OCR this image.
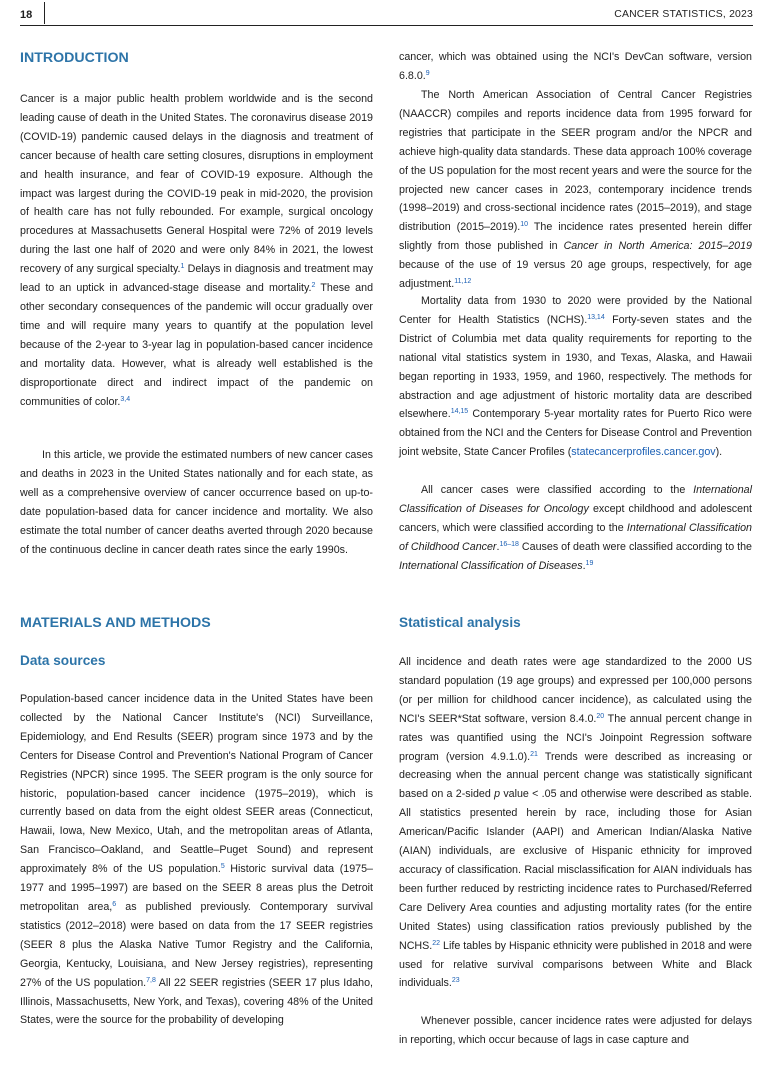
18	CANCER STATISTICS, 2023
INTRODUCTION

Cancer is a major public health problem worldwide and is the second leading cause of death in the United States. The coronavirus disease 2019 (COVID-19) pandemic caused delays in the diagnosis and treatment of cancer because of health care setting closures, disruptions in employment and health insurance, and fear of COVID-19 exposure. Although the impact was largest during the COVID-19 peak in mid-2020, the provision of health care has not fully rebounded. For example, surgical oncology procedures at Massachusetts General Hospital were 72% of 2019 levels during the last one half of 2020 and were only 84% in 2021, the lowest recovery of any surgical specialty.$^1$ Delays in diagnosis and treatment may lead to an uptick in advanced-stage disease and mortality.$^2$ These and other secondary consequences of the pandemic will occur gradually over time and will require many years to quantify at the population level because of the 2-year to 3-year lag in population-based cancer incidence and mortality data. However, what is already well established is the disproportionate direct and indirect impact of the pandemic on communities of color.$^{3,4}$

In this article, we provide the estimated numbers of new cancer cases and deaths in 2023 in the United States nationally and for each state, as well as a comprehensive overview of cancer occurrence based on up-to-date population-based data for cancer incidence and mortality. We also estimate the total number of cancer deaths averted through 2020 because of the continuous decline in cancer death rates since the early 1990s.

MATERIALS AND METHODS
Data sources

Population-based cancer incidence data in the United States have been collected by the National Cancer Institute's (NCI) Surveillance, Epidemiology, and End Results (SEER) program since 1973 and by the Centers for Disease Control and Prevention's National Program of Cancer Registries (NPCR) since 1995. The SEER program is the only source for historic, population-based cancer incidence (1975–2019), which is currently based on data from the eight oldest SEER areas (Connecticut, Hawaii, Iowa, New Mexico, Utah, and the metropolitan areas of Atlanta, San Francisco–Oakland, and Seattle–Puget Sound) and represent approximately 8% of the US population.$^5$ Historic survival data (1975–1977 and 1995–1997) are based on the SEER 8 areas plus the Detroit metropolitan area,$^6$ as published previously. Contemporary survival statistics (2012–2018) were based on data from the 17 SEER registries (SEER 8 plus the Alaska Native Tumor Registry and the California, Georgia, Kentucky, Louisiana, and New Jersey registries), representing 27% of the US population.$^{7,8}$ All 22 SEER registries (SEER 17 plus Idaho, Illinois, Massachusetts, New York, and Texas), covering 48% of the United States, were the source for the probability of developing

cancer, which was obtained using the NCI's DevCan software, version 6.8.0.$^9$

The North American Association of Central Cancer Registries (NAACCR) compiles and reports incidence data from 1995 forward for registries that participate in the SEER program and/or the NPCR and achieve high-quality data standards. These data approach 100% coverage of the US population for the most recent years and were the source for the projected new cancer cases in 2023, contemporary incidence trends (1998–2019) and cross-sectional incidence rates (2015–2019), and stage distribution (2015–2019).$^{10}$ The incidence rates presented herein differ slightly from those published in Cancer in North America: 2015–2019 because of the use of 19 versus 20 age groups, respectively, for age adjustment.$^{11,12}$

Mortality data from 1930 to 2020 were provided by the National Center for Health Statistics (NCHS).$^{13,14}$ Forty-seven states and the District of Columbia met data quality requirements for reporting to the national vital statistics system in 1930, and Texas, Alaska, and Hawaii began reporting in 1933, 1959, and 1960, respectively. The methods for abstraction and age adjustment of historic mortality data are described elsewhere.$^{14,15}$ Contemporary 5-year mortality rates for Puerto Rico were obtained from the NCI and the Centers for Disease Control and Prevention joint website, State Cancer Profiles (statecancerprofiles.cancer.gov).

All cancer cases were classified according to the International Classification of Diseases for Oncology except childhood and adolescent cancers, which were classified according to the International Classification of Childhood Cancer.$^{16-18}$ Causes of death were classified according to the International Classification of Diseases.$^{19}$

Statistical analysis

All incidence and death rates were age standardized to the 2000 US standard population (19 age groups) and expressed per 100,000 persons (or per million for childhood cancer incidence), as calculated using the NCI's SEER*Stat software, version 8.4.0.20 The annual percent change in rates was quantified using the NCI's Joinpoint Regression software program (version 4.9.1.0).$^{21}$ Trends were described as increasing or decreasing when the annual percent change was statistically significant based on a 2-sided p value < .05 and otherwise were described as stable. All statistics presented herein by race, including those for Asian American/Pacific Islander (AAPI) and American Indian/Alaska Native (AIAN) individuals, are exclusive of Hispanic ethnicity for improved accuracy of classification. Racial misclassification for AIAN individuals has been further reduced by restricting incidence rates to Purchased/Referred Care Delivery Area counties and adjusting mortality rates (for the entire United States) using classification ratios previously published by the NCHS.$^{22}$ Life tables by Hispanic ethnicity were published in 2018 and were used for relative survival comparisons between White and Black individuals.$^{23}$

Whenever possible, cancer incidence rates were adjusted for delays in reporting, which occur because of lags in case capture and
